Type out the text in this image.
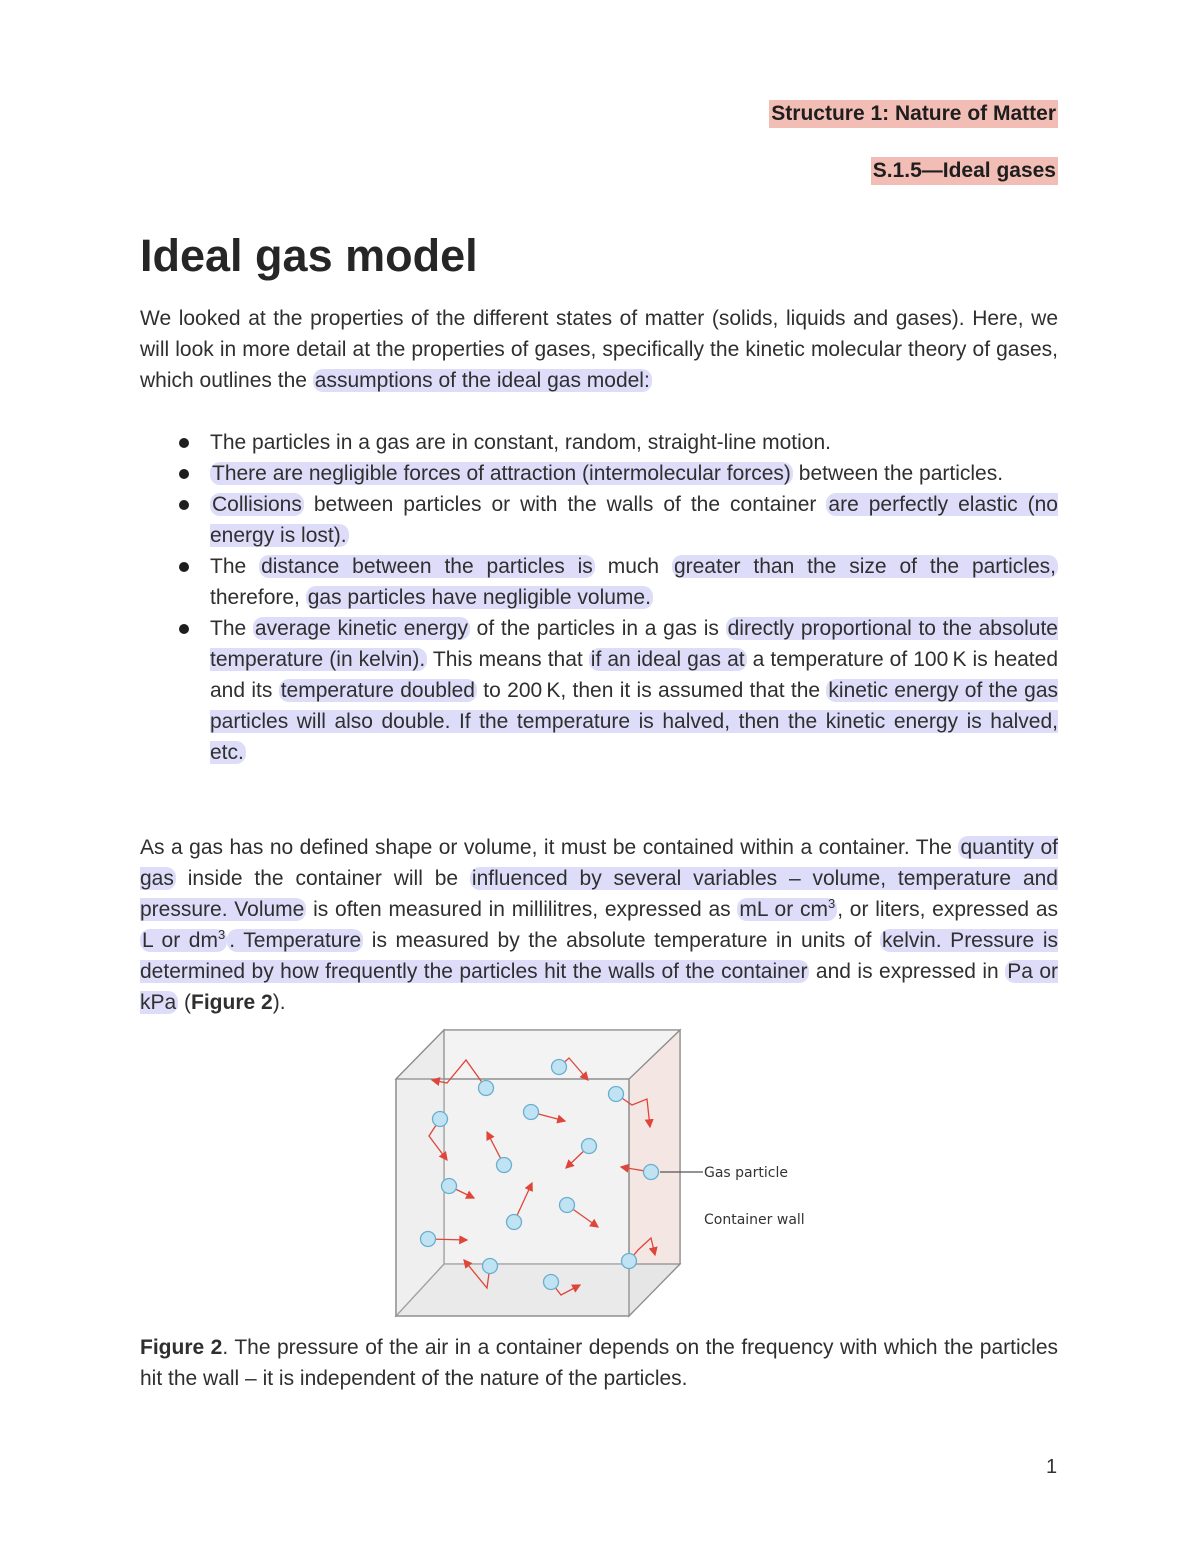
Structure 1: Nature of Matter
S.1.5—Ideal gases
Ideal gas model

We looked at the properties of the different states of matter (solids, liquids and gases). Here, we will look in more detail at the properties of gases, specifically the kinetic molecular theory of gases, which outlines the assumptions of the ideal gas model:

The particles in a gas are in constant, random, straight-line motion.
There are negligible forces of attraction (intermolecular forces) between the particles.
Collisions between particles or with the walls of the container are perfectly elastic (no energy is lost).
The distance between the particles is much greater than the size of the particles, therefore, gas particles have negligible volume.
The average kinetic energy of the particles in a gas is directly proportional to the absolute temperature (in kelvin). This means that if an ideal gas at a temperature of 100 K is heated and its temperature doubled to 200 K, then it is assumed that the kinetic energy of the gas particles will also double. If the temperature is halved, then the kinetic energy is halved, etc.

As a gas has no defined shape or volume, it must be contained within a container. The quantity of gas inside the container will be influenced by several variables – volume, temperature and pressure. Volume is often measured in millilitres, expressed as mL or $cm^3$, or liters, expressed as L or $dm^3$ . Temperature is measured by the absolute temperature in units of kelvin. Pressure is determined by how frequently the particles hit the walls of the container and is expressed in Pa or kPa (Figure 2).

Gas particle
Container wall

Figure 2. The pressure of the air in a container depends on the frequency with which the particles hit the wall – it is independent of the nature of the particles.

1
